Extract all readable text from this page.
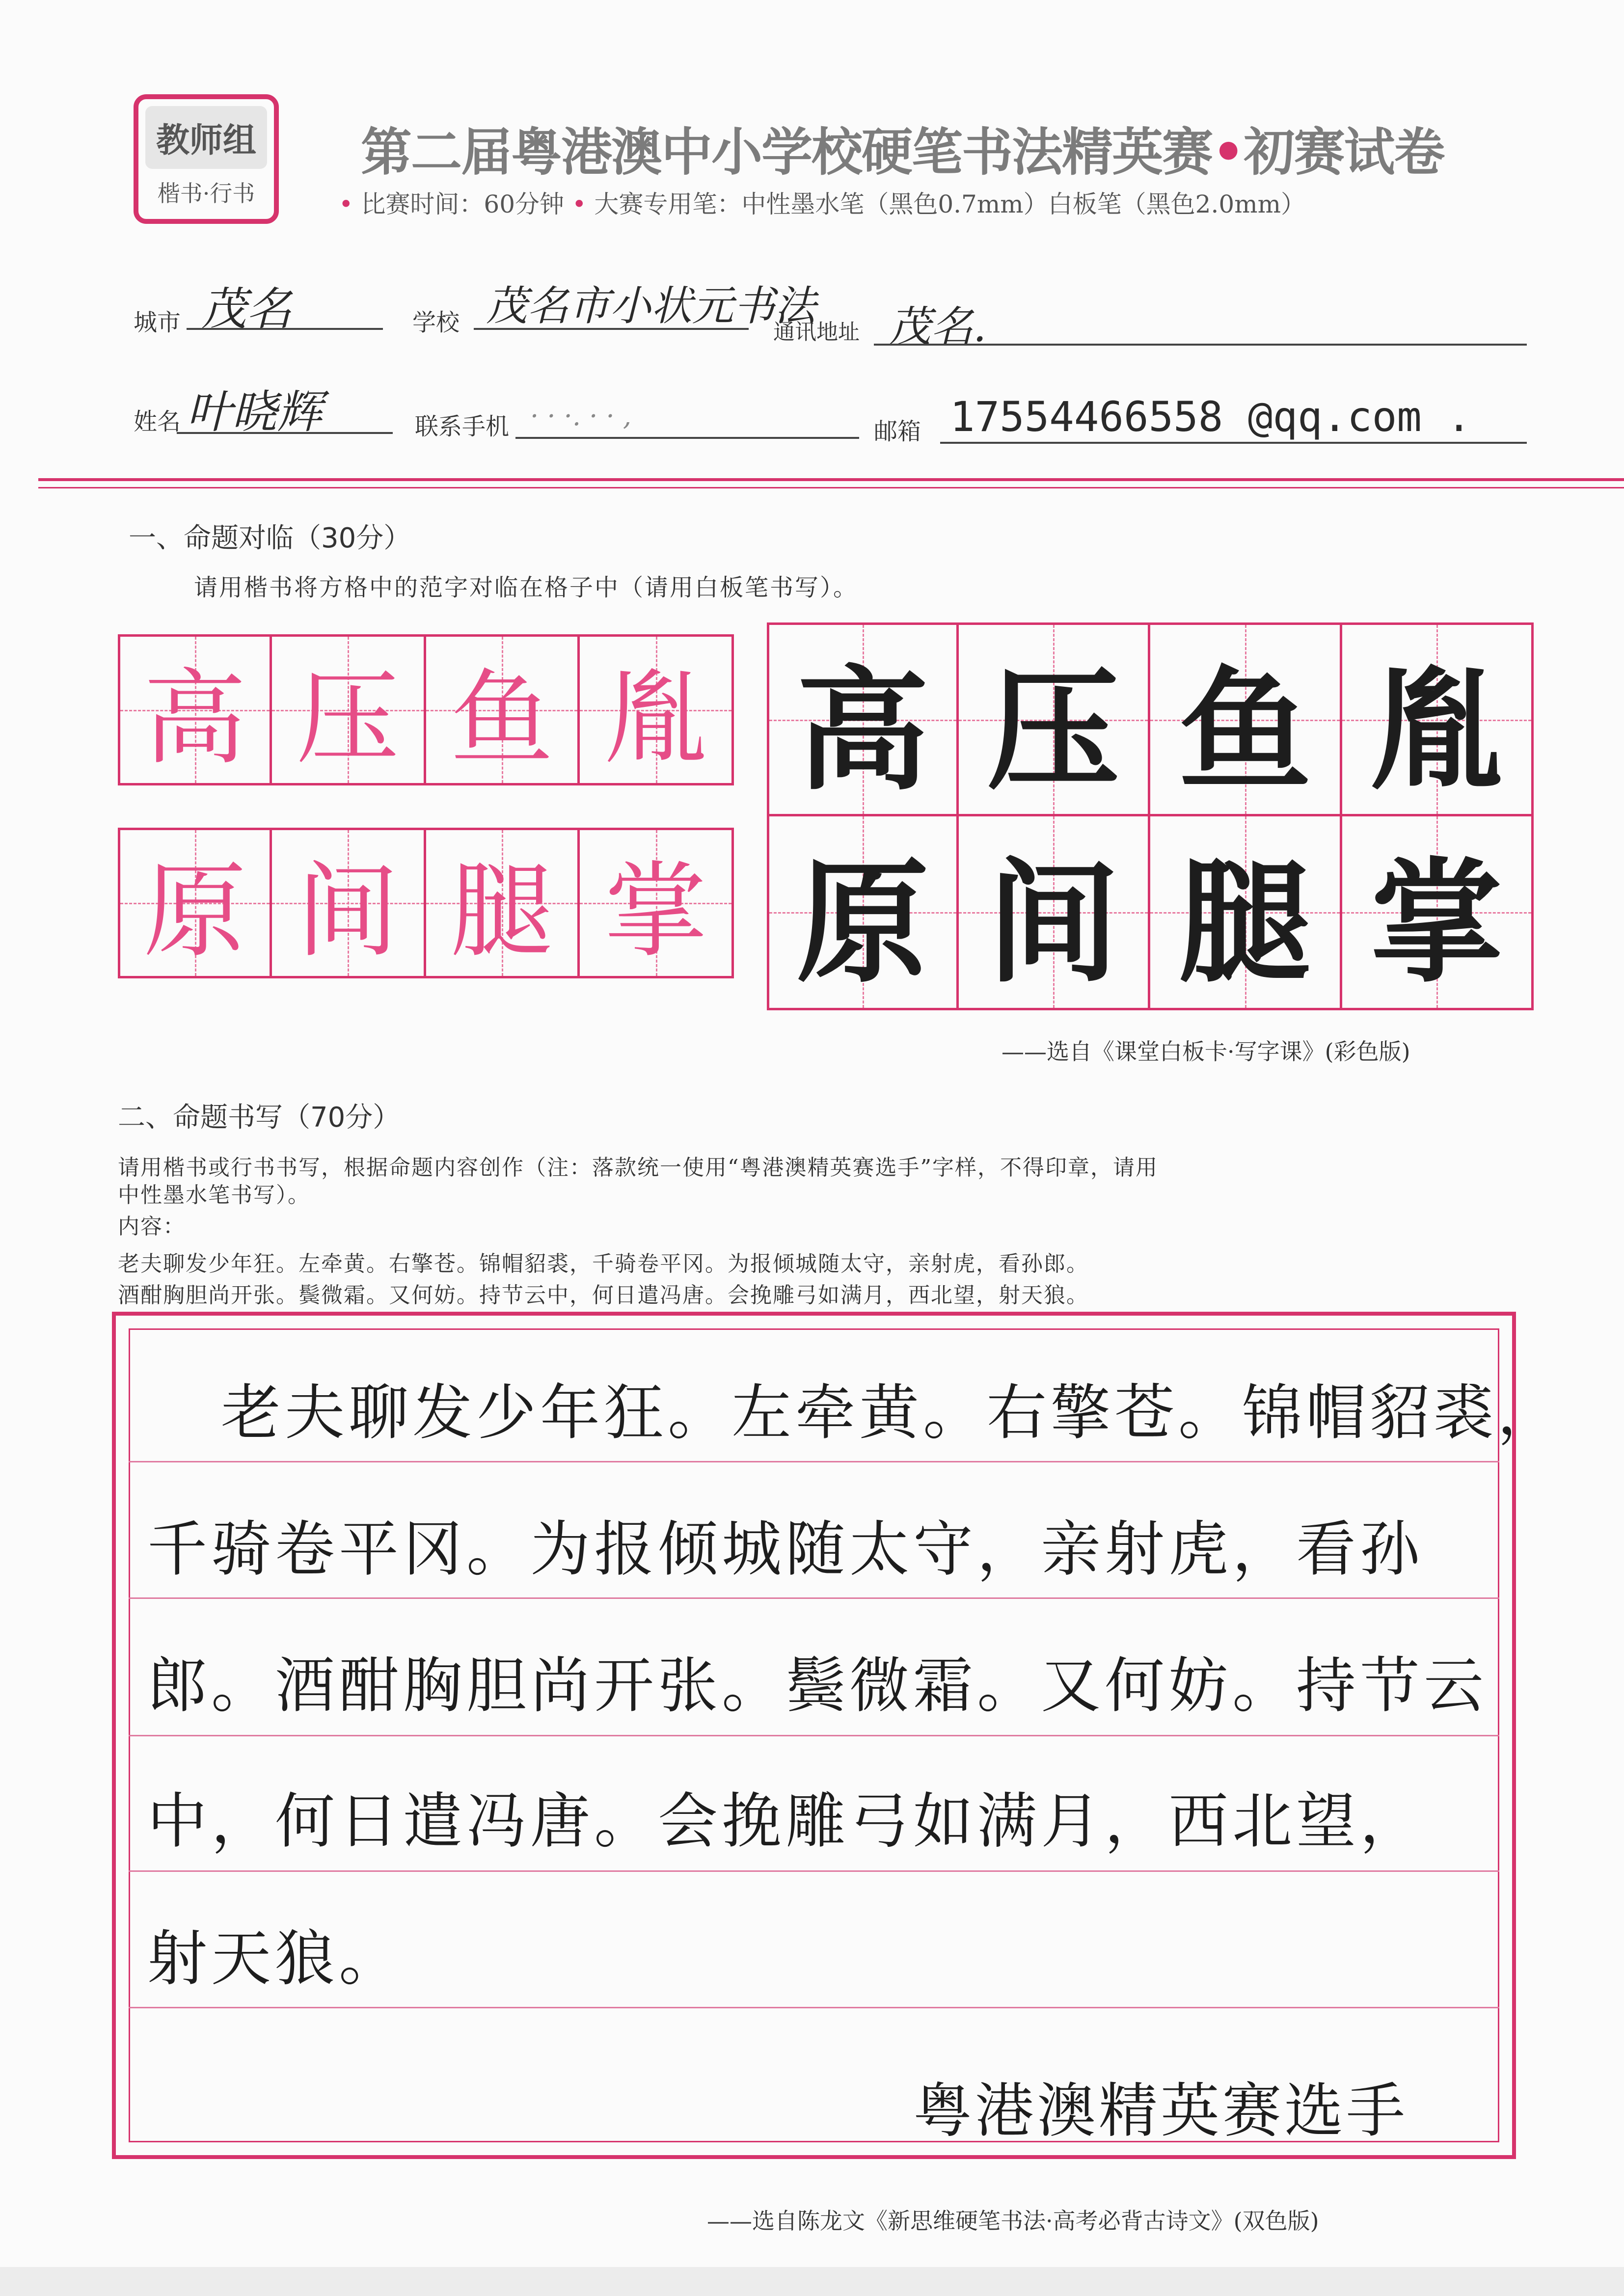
教师组
楷书·行书
第二届粤港澳中小学校硬笔书法精英赛•初赛试卷
• 比赛时间：60分钟 • 大赛专用笔：中性墨水笔（黑色0.7mm）白板笔（黑色2.0mm）
城市 茂名	学校 茂名市小状元书法
通讯地址 茂名.
姓名 叶晓辉	联系手机 · · ·. · · ,	邮箱 17554466558 @qq.com .
一、命题对临（30分）
请用楷书将方格中的范字对临在格子中（请用白板笔书写）。
高 压 鱼 胤
原 间 腿 掌
高 压 鱼 胤
原 间 腿 掌
——选自《课堂白板卡·写字课》(彩色版)
二、命题书写（70分）
请用楷书或行书书写，根据命题内容创作（注：落款统一使用“粤港澳精英赛选手”字样，不得印章，请用
中性墨水笔书写）。
内容：
老夫聊发少年狂。左牵黄。右擎苍。锦帽貂裘，千骑卷平冈。为报倾城随太守，亲射虎，看孙郎。
酒酣胸胆尚开张。鬓微霜。又何妨。持节云中，何日遣冯唐。会挽雕弓如满月，西北望，射天狼。
老夫聊发少年狂。左牵黄。右擎苍。锦帽貂裘，
千骑卷平冈。为报倾城随太守，亲射虎，看孙
郎。酒酣胸胆尚开张。鬓微霜。又何妨。持节云
中，何日遣冯唐。会挽雕弓如满月，西北望，
射天狼。
粤港澳精英赛选手
——选自陈龙文《新思维硬笔书法·高考必背古诗文》(双色版)
